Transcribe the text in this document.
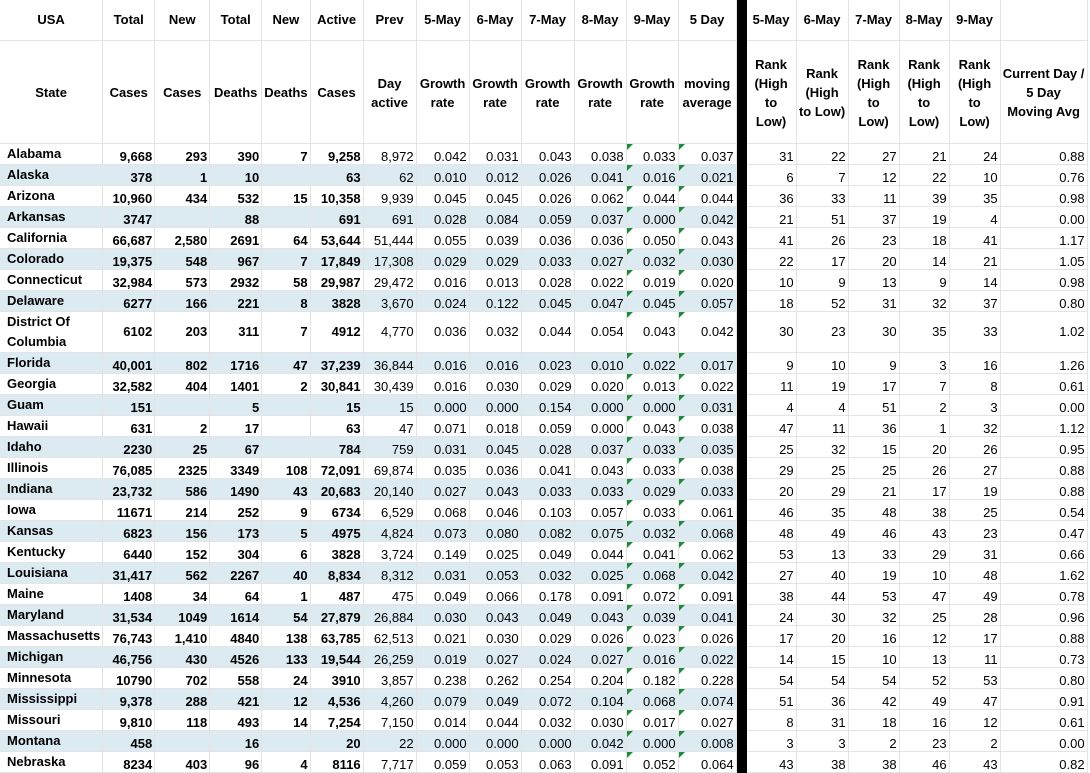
USA	Total	New	Total	New	Active	Prev	5-May	6-May	7-May	8-May	9-May	5 Day		5-May	6-May	7-May	8-May	9-May	
State	Cases	Cases	Deaths	Deaths	Cases	Day active	Growth rate	Growth rate	Growth rate	Growth rate	Growth rate	moving average		Rank (High to Low)	Rank (High to Low)	Rank (High to Low)	Rank (High to Low)	Rank (High to Low)	Current Day / 5 Day Moving Avg
Alabama	9,668	293	390	7	9,258	8,972	0.042	0.031	0.043	0.038	0.033	0.037		31	22	27	21	24	0.88
Alaska	378	1	10		63	62	0.010	0.012	0.026	0.041	0.016	0.021		6	7	12	22	10	0.76
Arizona	10,960	434	532	15	10,358	9,939	0.045	0.045	0.026	0.062	0.044	0.044		36	33	11	39	35	0.98
Arkansas	3747		88		691	691	0.028	0.084	0.059	0.037	0.000	0.042		21	51	37	19	4	0.00
California	66,687	2,580	2691	64	53,644	51,444	0.055	0.039	0.036	0.036	0.050	0.043		41	26	23	18	41	1.17
Colorado	19,375	548	967	7	17,849	17,308	0.029	0.029	0.033	0.027	0.032	0.030		22	17	20	14	21	1.05
Connecticut	32,984	573	2932	58	29,987	29,472	0.016	0.013	0.028	0.022	0.019	0.020		10	9	13	9	14	0.98
Delaware	6277	166	221	8	3828	3,670	0.024	0.122	0.045	0.047	0.045	0.057		18	52	31	32	37	0.80
District Of Columbia	6102	203	311	7	4912	4,770	0.036	0.032	0.044	0.054	0.043	0.042		30	23	30	35	33	1.02
Florida	40,001	802	1716	47	37,239	36,844	0.016	0.016	0.023	0.010	0.022	0.017		9	10	9	3	16	1.26
Georgia	32,582	404	1401	2	30,841	30,439	0.016	0.030	0.029	0.020	0.013	0.022		11	19	17	7	8	0.61
Guam	151		5		15	15	0.000	0.000	0.154	0.000	0.000	0.031		4	4	51	2	3	0.00
Hawaii	631	2	17		63	47	0.071	0.018	0.059	0.000	0.043	0.038		47	11	36	1	32	1.12
Idaho	2230	25	67		784	759	0.031	0.045	0.028	0.037	0.033	0.035		25	32	15	20	26	0.95
Illinois	76,085	2325	3349	108	72,091	69,874	0.035	0.036	0.041	0.043	0.033	0.038		29	25	25	26	27	0.88
Indiana	23,732	586	1490	43	20,683	20,140	0.027	0.043	0.033	0.033	0.029	0.033		20	29	21	17	19	0.88
Iowa	11671	214	252	9	6734	6,529	0.068	0.046	0.103	0.057	0.033	0.061		46	35	48	38	25	0.54
Kansas	6823	156	173	5	4975	4,824	0.073	0.080	0.082	0.075	0.032	0.068		48	49	46	43	23	0.47
Kentucky	6440	152	304	6	3828	3,724	0.149	0.025	0.049	0.044	0.041	0.062		53	13	33	29	31	0.66
Louisiana	31,417	562	2267	40	8,834	8,312	0.031	0.053	0.032	0.025	0.068	0.042		27	40	19	10	48	1.62
Maine	1408	34	64	1	487	475	0.049	0.066	0.178	0.091	0.072	0.091		38	44	53	47	49	0.78
Maryland	31,534	1049	1614	54	27,879	26,884	0.030	0.043	0.049	0.043	0.039	0.041		24	30	32	25	28	0.96
Massachusetts	76,743	1,410	4840	138	63,785	62,513	0.021	0.030	0.029	0.026	0.023	0.026		17	20	16	12	17	0.88
Michigan	46,756	430	4526	133	19,544	26,259	0.019	0.027	0.024	0.027	0.016	0.022		14	15	10	13	11	0.73
Minnesota	10790	702	558	24	3910	3,857	0.238	0.262	0.254	0.204	0.182	0.228		54	54	54	52	53	0.80
Mississippi	9,378	288	421	12	4,536	4,260	0.079	0.049	0.072	0.104	0.068	0.074		51	36	42	49	47	0.91
Missouri	9,810	118	493	14	7,254	7,150	0.014	0.044	0.032	0.030	0.017	0.027		8	31	18	16	12	0.61
Montana	458		16		20	22	0.000	0.000	0.000	0.042	0.000	0.008		3	3	2	23	2	0.00
Nebraska	8234	403	96	4	8116	7,717	0.059	0.053	0.063	0.091	0.052	0.064		43	38	38	46	43	0.82
